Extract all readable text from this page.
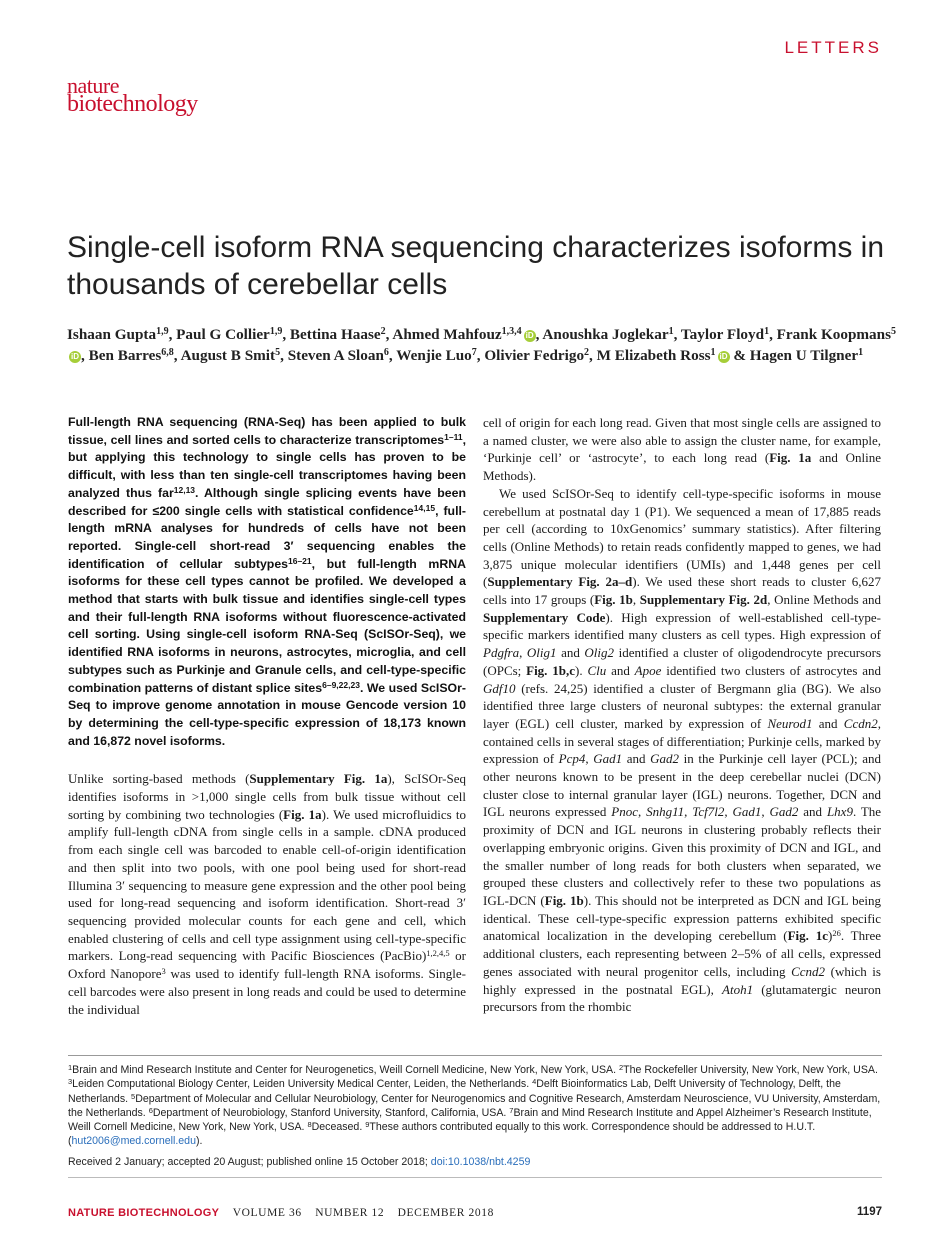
LETTERS
nature
biotechnology
Single-cell isoform RNA sequencing characterizes isoforms in thousands of cerebellar cells
Ishaan Gupta$^{1,9}$, Paul G Collier$^{1,9}$, Bettina Haase$^2$, Ahmed Mahfouz$^{1,3,4}$ iD , Anoushka Joglekar$^1$, Taylor Floyd$^1$, Frank Koopmans$^5$iD , Ben Barres$^{6,8}$, August B Smit$^5$, Steven A Sloan$^6$, Wenjie Luo$^7$, Olivier Fedrigo$^2$, M Elizabeth Ross$^1$ iD & Hagen U Tilgner$^1$

Full-length RNA sequencing (RNA-Seq) has been applied to bulk tissue, cell lines and sorted cells to characterize transcriptomes$^{1-11}$, but applying this technology to single cells has proven to be difficult, with less than ten single-cell transcriptomes having been analyzed thus far$^{12,13}$. Although single splicing events have been described for ≤200 single cells with statistical confidence$^{14,15}$, full-length mRNA analyses for hundreds of cells have not been reported. Single-cell short-read 3′ sequencing enables the identification of cellular subtypes$^{16-21}$, but full-length mRNA isoforms for these cell types cannot be profiled. We developed a method that starts with bulk tissue and identifies single-cell types and their full-length RNA isoforms without fluorescence-activated cell sorting. Using single-cell isoform RNA-Seq (ScISOr-Seq), we identified RNA isoforms in neurons, astrocytes, microglia, and cell subtypes such as Purkinje and Granule cells, and cell-type-specific combination patterns of distant splice sites$^{6-9,22,23}$. We used ScISOr-Seq to improve genome annotation in mouse Gencode version 10 by determining the cell-type-specific expression of 18,173 known and 16,872 novel isoforms.

Unlike sorting-based methods (Supplementary Fig. 1a), ScISOr-Seq identifies isoforms in >1,000 single cells from bulk tissue without cell sorting by combining two technologies (Fig. 1a). We used microfluidics to amplify full-length cDNA from single cells in a sample. cDNA produced from each single cell was barcoded to enable cell-of-origin identification and then split into two pools, with one pool being used for short-read Illumina 3′ sequencing to measure gene expression and the other pool being used for long-read sequencing and isoform identification. Short-read 3′ sequencing provided molecular counts for each gene and cell, which enabled clustering of cells and cell type assignment using cell-type-specific markers. Long-read sequencing with Pacific Biosciences (PacBio)$^{1,2,4,5}$ or Oxford Nanopore$^3$ was used to identify full-length RNA isoforms. Single-cell barcodes were also present in long reads and could be used to determine the individual

cell of origin for each long read. Given that most single cells are assigned to a named cluster, we were also able to assign the cluster name, for example, ‘Purkinje cell’ or ‘astrocyte’, to each long read (Fig. 1a and Online Methods).

We used ScISOr-Seq to identify cell-type-specific isoforms in mouse cerebellum at postnatal day 1 (P1). We sequenced a mean of 17,885 reads per cell (according to 10xGenomics’ summary statistics). After filtering cells (Online Methods) to retain reads confidently mapped to genes, we had 3,875 unique molecular identifiers (UMIs) and 1,448 genes per cell (Supplementary Fig. 2a–d). We used these short reads to cluster 6,627 cells into 17 groups (Fig. 1b, Supplementary Fig. 2d, Online Methods and Supplementary Code). High expression of well-established cell-type-specific markers identified many clusters as cell types. High expression of Pdgfra, Olig1 and Olig2 identified a cluster of oligodendrocyte precursors (OPCs; Fig. 1b,c). Clu and Apoe identified two clusters of astrocytes and Gdf10 (refs. 24,25) identified a cluster of Bergmann glia (BG). We also identified three large clusters of neuronal subtypes: the external granular layer (EGL) cell cluster, marked by expression of Neurod1 and Ccdn2, contained cells in several stages of differentiation; Purkinje cells, marked by expression of Pcp4, Gad1 and Gad2 in the Purkinje cell layer (PCL); and other neurons known to be present in the deep cerebellar nuclei (DCN) cluster close to internal granular layer (IGL) neurons. Together, DCN and IGL neurons expressed Pnoc, Snhg11, Tcf7l2, Gad1, Gad2 and Lhx9. The proximity of DCN and IGL neurons in clustering probably reflects their overlapping embryonic origins. Given this proximity of DCN and IGL, and the smaller number of long reads for both clusters when separated, we grouped these clusters and collectively refer to these two populations as IGL-DCN (Fig. 1b). This should not be interpreted as DCN and IGL being identical. These cell-type-specific expression patterns exhibited specific anatomical localization in the developing cerebellum (Fig. 1c)$^{26}$. Three additional clusters, each representing between 2–5% of all cells, expressed genes associated with neural progenitor cells, including Ccnd2 (which is highly expressed in the postnatal EGL), Atoh1 (glutamatergic neuron precursors from the rhombic

$^1$Brain and Mind Research Institute and Center for Neurogenetics, Weill Cornell Medicine, New York, New York, USA. $^2$The Rockefeller University, New York, New York, USA. $^3$Leiden Computational Biology Center, Leiden University Medical Center, Leiden, the Netherlands. $^4$Delft Bioinformatics Lab, Delft University of Technology, Delft, the Netherlands. $^5$Department of Molecular and Cellular Neurobiology, Center for Neurogenomics and Cognitive Research, Amsterdam Neuroscience, VU University, Amsterdam, the Netherlands. $^6$Department of Neurobiology, Stanford University, Stanford, California, USA. $^7$Brain and Mind Research Institute and Appel Alzheimer’s Research Institute, Weill Cornell Medicine, New York, New York, USA. $^8$Deceased. $^9$These authors contributed equally to this work. Correspondence should be addressed to H.U.T. (hut2006@med.cornell.edu).
Received 2 January; accepted 20 August; published online 15 October 2018; doi:10.1038/nbt.4259
NATURE BIOTECHNOLOGY VOLUME 36 NUMBER 12 DECEMBER 2018	1197
